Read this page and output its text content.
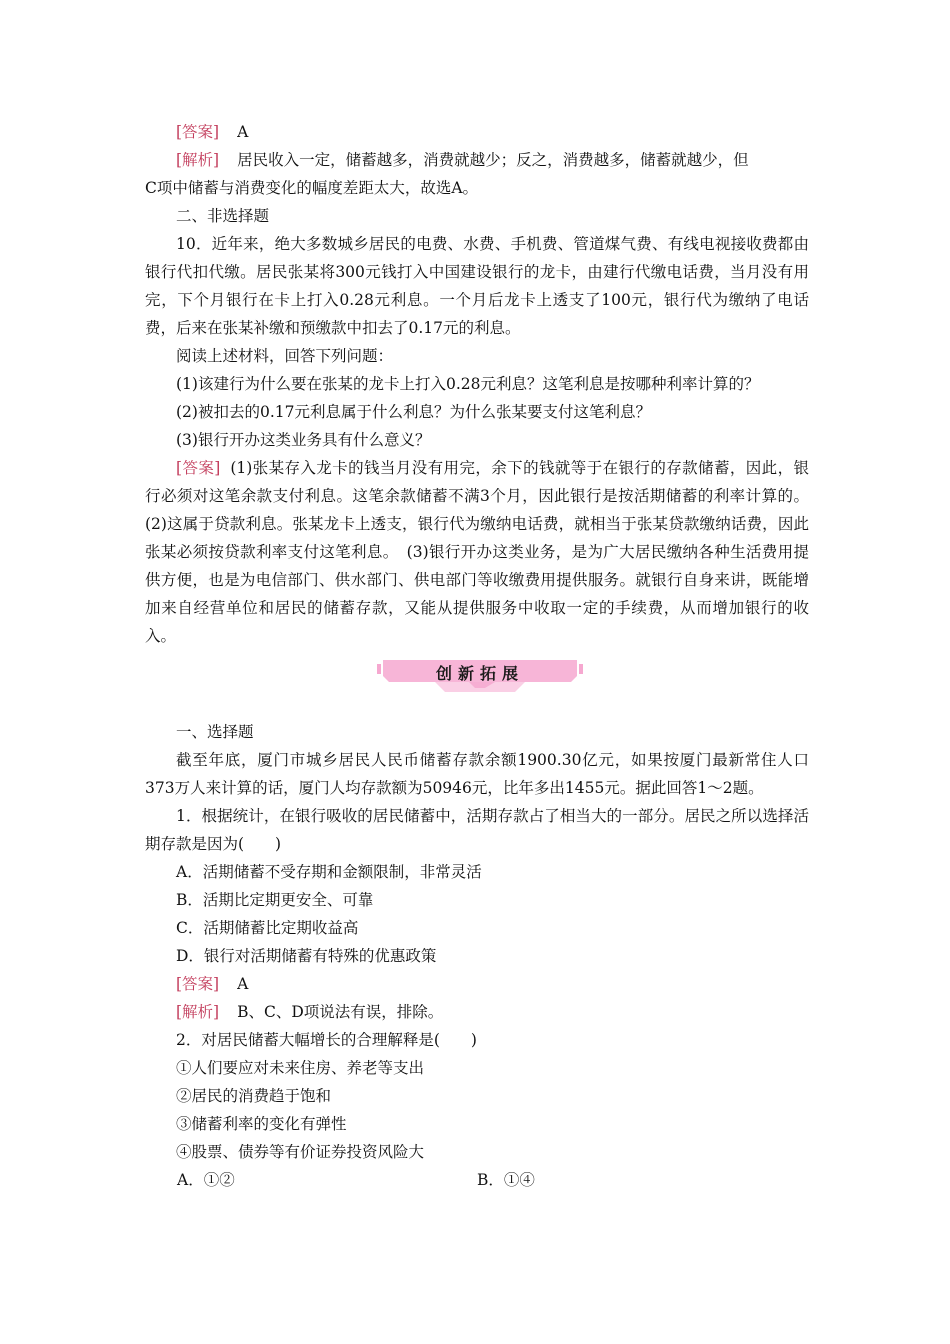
[答案] A

[解析] 居民收入一定，储蓄越多，消费就越少；反之，消费越多，储蓄就越少，但

C项中储蓄与消费变化的幅度差距太大，故选A。

二、非选择题

10．近年来，绝大多数城乡居民的电费、水费、手机费、管道煤气费、有线电视接收费都由银行代扣代缴。居民张某将300元钱打入中国建设银行的龙卡，由建行代缴电话费，当月没有用完，下个月银行在卡上打入0.28元利息。一个月后龙卡上透支了100元，银行代为缴纳了电话费，后来在张某补缴和预缴款中扣去了0.17元的利息。

阅读上述材料，回答下列问题：

(1)该建行为什么要在张某的龙卡上打入0.28元利息？这笔利息是按哪种利率计算的？

(2)被扣去的0.17元利息属于什么利息？为什么张某要支付这笔利息？

(3)银行开办这类业务具有什么意义？

[答案] (1)张某存入龙卡的钱当月没有用完，余下的钱就等于在银行的存款储蓄，因此，银行必须对这笔余款支付利息。这笔余款储蓄不满3个月，因此银行是按活期储蓄的利率计算的。(2)这属于贷款利息。张某龙卡上透支，银行代为缴纳电话费，就相当于张某贷款缴纳话费，因此张某必须按贷款利率支付这笔利息。　(3)银行开办这类业务，是为广大居民缴纳各种生活费用提供方便，也是为电信部门、供水部门、供电部门等收缴费用提供服务。就银行自身来讲，既能增加来自经营单位和居民的储蓄存款，又能从提供服务中收取一定的手续费，从而增加银行的收入。

创新拓展

一、选择题

截至年底，厦门市城乡居民人民币储蓄存款余额1900.30亿元，如果按厦门最新常住人口373万人来计算的话，厦门人均存款额为50946元，比年多出1455元。据此回答1～2题。

1．根据统计，在银行吸收的居民储蓄中，活期存款占了相当大的一部分。居民之所以选择活期存款是因为(　　)

A．活期储蓄不受存期和金额限制，非常灵活

B．活期比定期更安全、可靠

C．活期储蓄比定期收益高

D．银行对活期储蓄有特殊的优惠政策

[答案] A

[解析] B、C、D项说法有误，排除。

2．对居民储蓄大幅增长的合理解释是(　　)

①人们要应对未来住房、养老等支出

②居民的消费趋于饱和

③储蓄利率的变化有弹性

④股票、债券等有价证券投资风险大

A．①②	B．①④
